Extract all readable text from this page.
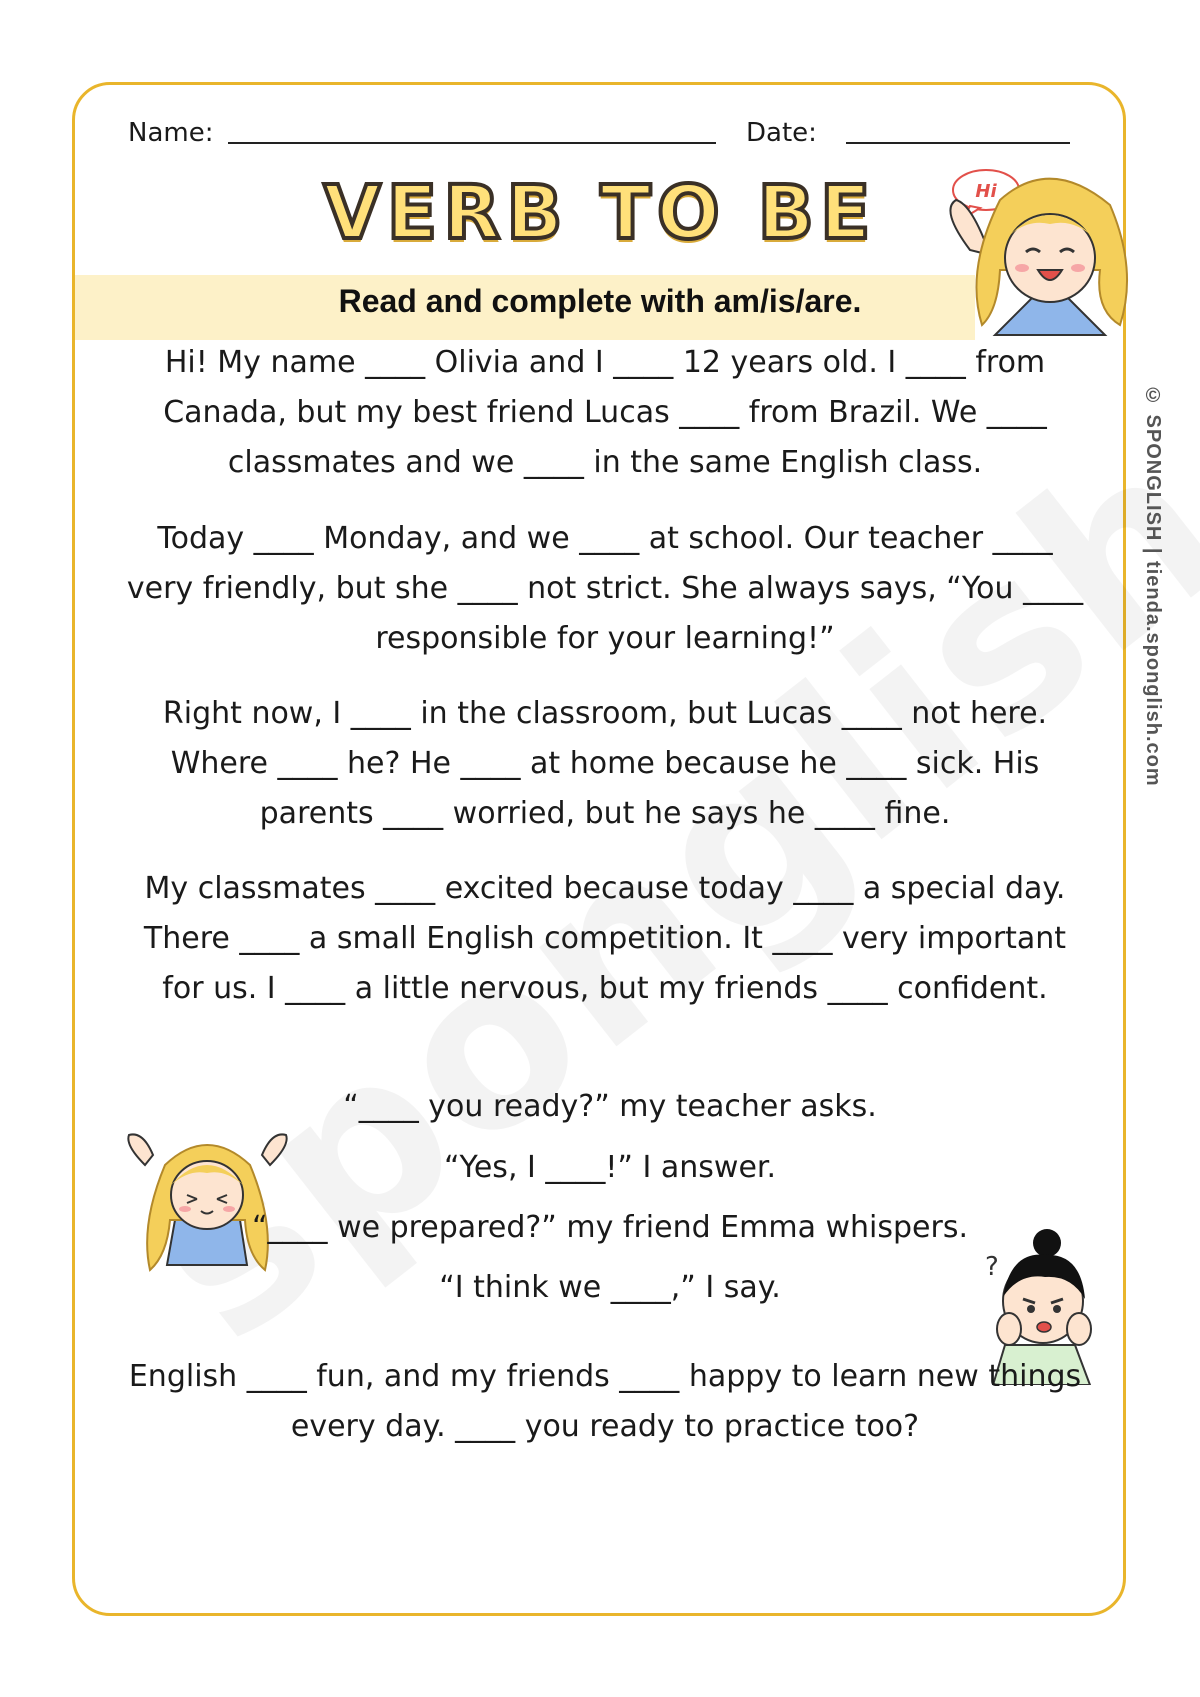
Name:	Date:
VERB TO BE
Read and complete with am/is/are.
© SPONGLISH | tienda.sponglish.com
Hi
Hi! My name ____ Olivia and I ____ 12 years old. I ____ from Canada, but my best friend Lucas ____ from Brazil. We ____ classmates and we ____ in the same English class.
Today ____ Monday, and we ____ at school. Our teacher ____ very friendly, but she ____ not strict. She always says, “You ____ responsible for your learning!”
Right now, I ____ in the classroom, but Lucas ____ not here. Where ____ he? He ____ at home because he ____ sick. His parents ____ worried, but he says he ____ fine.
My classmates ____ excited because today ____ a special day. There ____ a small English competition. It ____ very important for us. I ____ a little nervous, but my friends ____ confident.
“____ you ready?” my teacher asks.
“Yes, I ____!” I answer.
“____ we prepared?” my friend Emma whispers.
“I think we ____,” I say.
?
English ____ fun, and my friends ____ happy to learn new things every day. ____ you ready to practice too?
